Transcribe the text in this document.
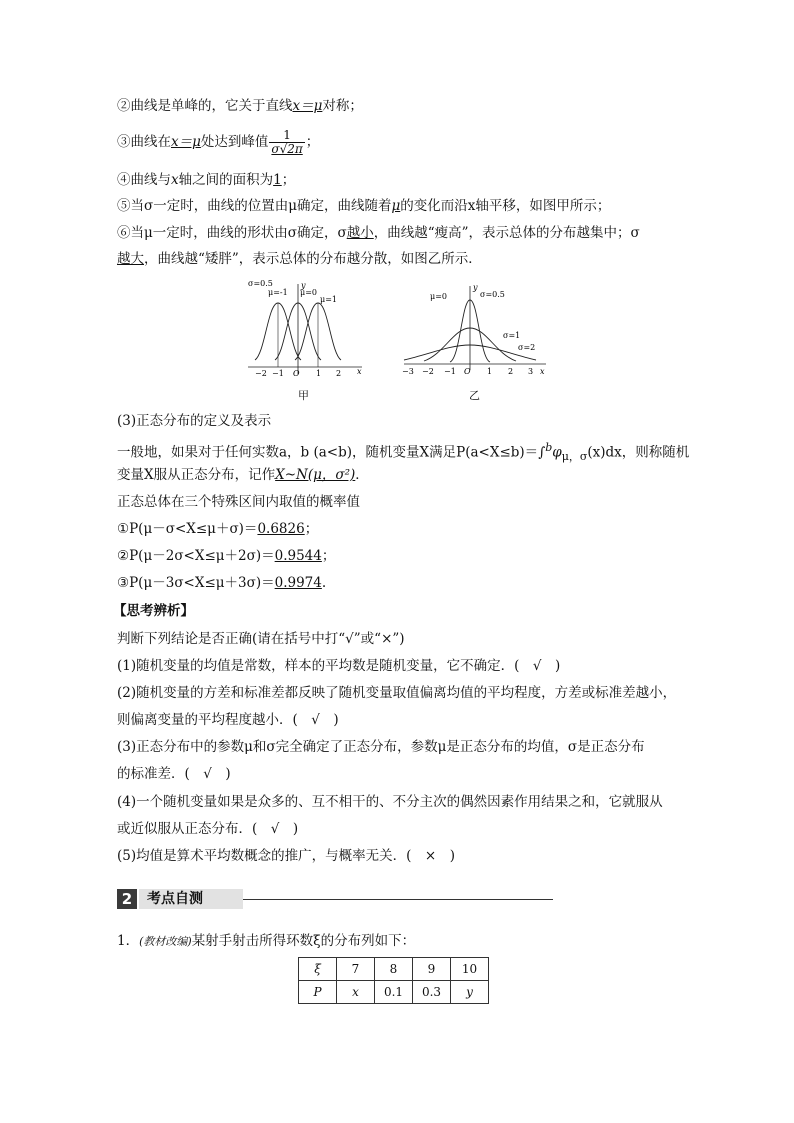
②曲线是单峰的，它关于直线x＝μ对称；
③曲线在x＝μ处达到峰值 $\frac{1}{\sigma√2\pi}$ ；
④曲线与x轴之间的面积为1；
⑤当σ一定时，曲线的位置由μ确定，曲线随着μ的变化而沿x轴平移，如图甲所示；
⑥当μ一定时，曲线的形状由σ确定，σ越小，曲线越“瘦高”，表示总体的分布越集中；σ
越大，曲线越“矮胖”，表示总体的分布越分散，如图乙所示．
σ=0.5
μ=-1 μ=0
μ=1
y
−2 −1 O 1 2 x
甲
μ=0	σ=0.5
σ=1
σ=2
y
−3 −2 −1 O 1 2 3 x
乙
(3)正态分布的定义及表示
一般地，如果对于任何实数a，b (a<b)，随机变量X满足$P(a<X\le b)=\int^b\varphi_{\mu,\sigma}(x)dx$，则称随机
变量X服从正态分布，记作X~N(μ，σ²)．
正态总体在三个特殊区间内取值的概率值
①P(μ－σ<X≤μ＋σ)＝0.6826；
②P(μ－2σ<X≤μ＋2σ)＝0.9544；
③P(μ－3σ<X≤μ＋3σ)＝0.9974.
【思考辨析】
判断下列结论是否正确(请在括号中打“√”或“×”)
(1)随机变量的均值是常数，样本的平均数是随机变量，它不确定．(　√　)
(2)随机变量的方差和标准差都反映了随机变量取值偏离均值的平均程度，方差或标准差越小，
则偏离变量的平均程度越小．(　√　)
(3)正态分布中的参数μ和σ完全确定了正态分布，参数μ是正态分布的均值，σ是正态分布
的标准差．(　√　)
(4)一个随机变量如果是众多的、互不相干的、不分主次的偶然因素作用结果之和，它就服从
或近似服从正态分布．(　√　)
(5)均值是算术平均数概念的推广，与概率无关．(　×　)
2	考点自测
1．(教材改编)某射手射击所得环数ξ的分布列如下：
ξ	7	8	9	10
P	x	0.1	0.3	y
